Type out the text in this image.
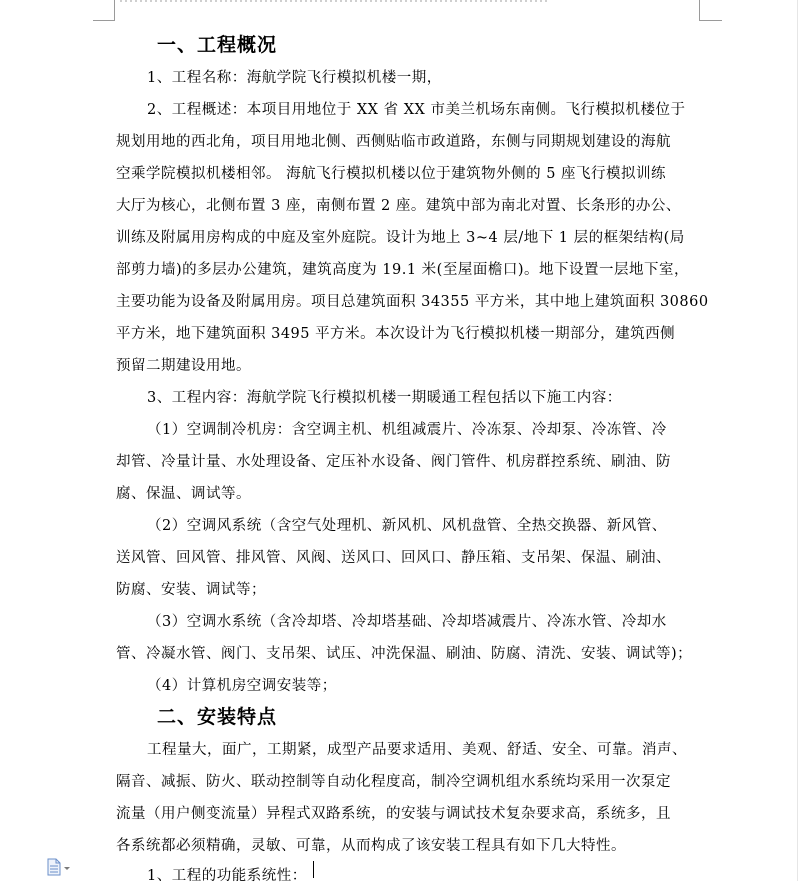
一、工程概况
1、工程名称：海航学院飞行模拟机楼一期，
2、工程概述：本项目用地位于 XX 省 XX 市美兰机场东南侧。飞行模拟机楼位于
规划用地的西北角，项目用地北侧、西侧贴临市政道路，东侧与同期规划建设的海航
空乘学院模拟机楼相邻。 海航飞行模拟机楼以位于建筑物外侧的 5 座飞行模拟训练
大厅为核心，北侧布置 3 座，南侧布置 2 座。建筑中部为南北对置、长条形的办公、
训练及附属用房构成的中庭及室外庭院。设计为地上 3~4 层/地下 1 层的框架结构(局
部剪力墙)的多层办公建筑，建筑高度为 19.1 米(至屋面檐口)。地下设置一层地下室，
主要功能为设备及附属用房。项目总建筑面积 34355 平方米，其中地上建筑面积 30860
平方米，地下建筑面积 3495 平方米。本次设计为飞行模拟机楼一期部分，建筑西侧
预留二期建设用地。
3、工程内容：海航学院飞行模拟机楼一期暖通工程包括以下施工内容：
（1）空调制冷机房：含空调主机、机组减震片、冷冻泵、冷却泵、冷冻管、冷
却管、冷量计量、水处理设备、定压补水设备、阀门管件、机房群控系统、刷油、防
腐、保温、调试等。
（2）空调风系统（含空气处理机、新风机、风机盘管、全热交换器、新风管、
送风管、回风管、排风管、风阀、送风口、回风口、静压箱、支吊架、保温、刷油、
防腐、安装、调试等；
（3）空调水系统（含冷却塔、冷却塔基础、冷却塔减震片、冷冻水管、冷却水
管、冷凝水管、阀门、支吊架、试压、冲洗保温、刷油、防腐、清洗、安装、调试等)；
（4）计算机房空调安装等；
二、安装特点
工程量大，面广，工期紧，成型产品要求适用、美观、舒适、安全、可靠。消声、
隔音、减振、防火、联动控制等自动化程度高，制冷空调机组水系统均采用一次泵定
流量（用户侧变流量）异程式双路系统，的安装与调试技术复杂要求高，系统多，且
各系统都必须精确，灵敏、可靠，从而构成了该安装工程具有如下几大特性。
1、工程的功能系统性：
